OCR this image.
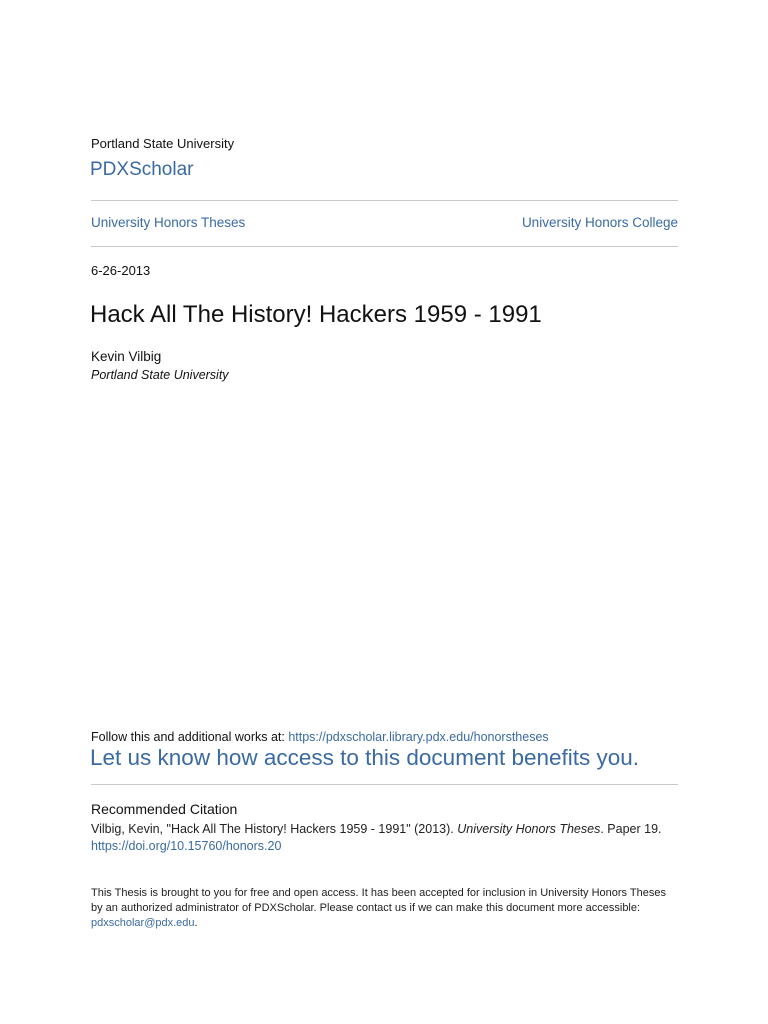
Portland State University
PDXScholar
University Honors Theses	University Honors College
6-26-2013
Hack All The History! Hackers 1959 - 1991
Kevin Vilbig
Portland State University
Follow this and additional works at: https://pdxscholar.library.pdx.edu/honorstheses
Let us know how access to this document benefits you.
Recommended Citation
Vilbig, Kevin, "Hack All The History! Hackers 1959 - 1991" (2013). University Honors Theses. Paper 19.
https://doi.org/10.15760/honors.20
This Thesis is brought to you for free and open access. It has been accepted for inclusion in University Honors Theses by an authorized administrator of PDXScholar. Please contact us if we can make this document more accessible: pdxscholar@pdx.edu.
